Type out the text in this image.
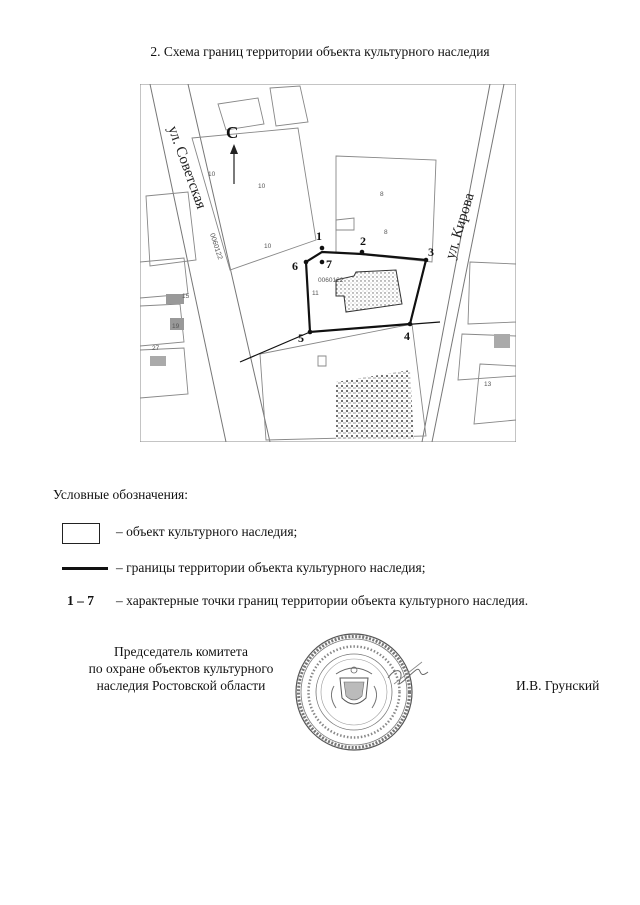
2. Схема границ территории объекта культурного наследия
10
10
10
8
8
11
15
19
27
13
0060122
ул. Советская
ул. Кирова
С
0060122
1	2
3
4
5
6 7
Условные обозначения:
– объект культурного наследия;
– границы территории объекта культурного наследия;
1 – 7 – характерные точки границ территории объекта культурного наследия.
Председатель комитета
по охране объектов культурного
наследия Ростовской области	И.В. Грунский
